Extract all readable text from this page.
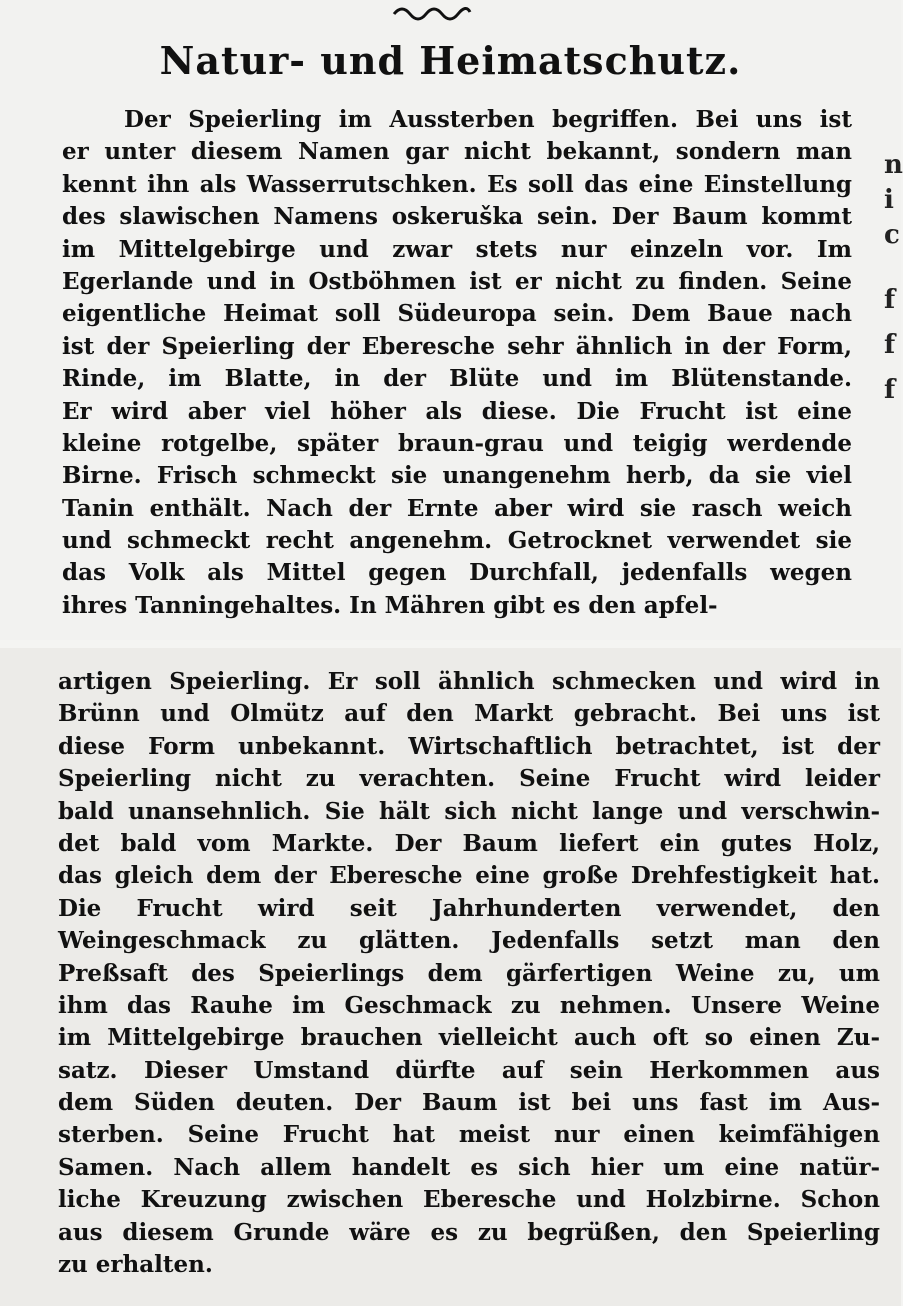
Natur- und Heimatschutz.
Der Speierling im Aussterben begriffen. Bei uns ist
er unter diesem Namen gar nicht bekannt, sondern man
kennt ihn als Wasserrutschken. Es soll das eine Einstellung
des slawischen Namens oskeruška sein. Der Baum kommt
im Mittelgebirge und zwar stets nur einzeln vor. Im
Egerlande und in Ostböhmen ist er nicht zu finden. Seine
eigentliche Heimat soll Südeuropa sein. Dem Baue nach
ist der Speierling der Eberesche sehr ähnlich in der Form,
Rinde, im Blatte, in der Blüte und im Blütenstande.
Er wird aber viel höher als diese. Die Frucht ist eine
kleine rotgelbe, später braun-grau und teigig werdende
Birne. Frisch schmeckt sie unangenehm herb, da sie viel
Tanin enthält. Nach der Ernte aber wird sie rasch weich
und schmeckt recht angenehm. Getrocknet verwendet sie
das Volk als Mittel gegen Durchfall, jedenfalls wegen
ihres Tanningehaltes. In Mähren gibt es den apfel-
artigen Speierling. Er soll ähnlich schmecken und wird in
Brünn und Olmütz auf den Markt gebracht. Bei uns ist
diese Form unbekannt. Wirtschaftlich betrachtet, ist der
Speierling nicht zu verachten. Seine Frucht wird leider
bald unansehnlich. Sie hält sich nicht lange und verschwin-
det bald vom Markte. Der Baum liefert ein gutes Holz,
das gleich dem der Eberesche eine große Drehfestigkeit hat.
Die Frucht wird seit Jahrhunderten verwendet, den
Weingeschmack zu glätten. Jedenfalls setzt man den
Preßsaft des Speierlings dem gärfertigen Weine zu, um
ihm das Rauhe im Geschmack zu nehmen. Unsere Weine
im Mittelgebirge brauchen vielleicht auch oft so einen Zu-
satz. Dieser Umstand dürfte auf sein Herkommen aus
dem Süden deuten. Der Baum ist bei uns fast im Aus-
sterben. Seine Frucht hat meist nur einen keimfähigen
Samen. Nach allem handelt es sich hier um eine natür-
liche Kreuzung zwischen Eberesche und Holzbirne. Schon
aus diesem Grunde wäre es zu begrüßen, den Speierling
zu erhalten.
n
i
c
f
f
f
